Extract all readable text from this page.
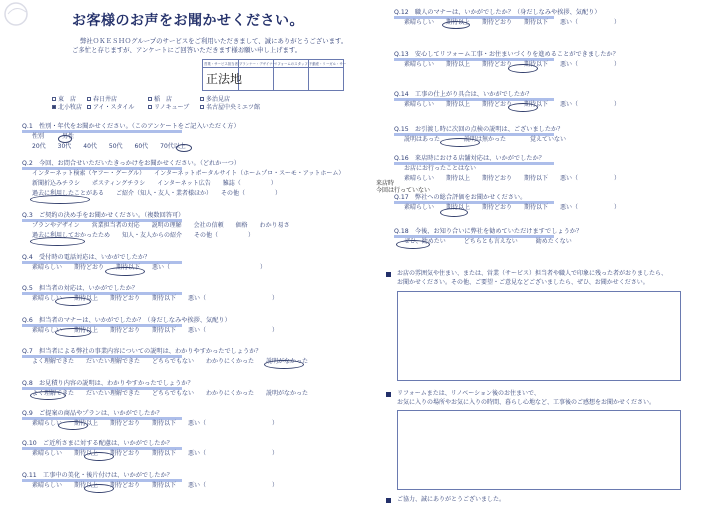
お客様のお声をお聞かせください。
弊社ＯＫＥＳＨＯグループのサービスをご利用いただきまして、誠にありがとうございます。
ご多忙と存じますが、アンケートにご回答いただきます様お願い申し上げます。
営業・サービス担当者 プランナー・デザイナー
リフォームのスタッフ 不動産・リーガル・サー
正法地
東　店	春日井店	稲　店	多治見店
北小牧店	アイ・スタイル	リノキューブ	名古屋中央ミエツ館
Q.1　性別・年代をお聞かせください。（このアンケートをご記入いただく方）
性別　　　男性
20代　　30代　　40代　　50代　　60代　　70代以上
Q.2　今回、お問合せいただいたきっかけをお聞かせください。（どれか一つ）
インターネット検索（ヤフー・グーグル）　　インターネットポータルサイト（ホームプロ・スーモ・アットホーム）
新聞折込みチラシ　　ポスティングチラシ　　インターネット広告　　雑誌（　　　　　）
過去に利用したことがある　　ご紹介（知人・友人・業者様ほか）　　その他（　　　　　）
Q.3　ご契約の決め手をお聞かせください。（複数回答可）
プランやデザイン　　営業担当者の対応　　説明の理解　　会社の信頼　　価格　　わかり易さ
過去に利用しておかったため　　知人・友人からの紹介　　その他（　　　　　）
Q.4　受付時の電話対応は、いかがでしたか？
素晴らしい　　期待どおり　　期待以下　　悪い（　　　　　　　　　　　　　　　）
Q.5　担当者の対応は、いかがでしたか？
素晴らしい　　期待以上　　期待どおり　　期待以下　　悪い（　　　　　　　　　　　）
Q.6　担当者のマナーは、いかがでしたか？（身だしなみや挨拶、気配り）
素晴らしい　　期待以上　　期待どおり　　期待以下　　悪い（　　　　　　　　　　　）
Q.7　担当者による弊社の事業内容についての説明は、わかりやすかったでしょうか？
よく理解できた　　だいたい理解できた　　どちらでもない　　わかりにくかった　　説明がなかった
Q.8　お見積り内容の説明は、わかりやすかったでしょうか？
よく理解できた　　だいたい理解できた　　どちらでもない　　わかりにくかった　　説明がなかった
Q.9　ご提案の商品やプランは、いかがでしたか？
素晴らしい　　期待以上　　期待どおり　　期待以下　　悪い（　　　　　　　　　　　）
Q.10　ご近所さまに対する配慮は、いかがでしたか？
素晴らしい　　期待以上　　期待どおり　　期待以下　　悪い（　　　　　　　　　　　）
Q.11　工事中の美化・後片付けは、いかがでしたか？
素晴らしい　　期待以上　　期待どおり　　期待以下　　悪い（　　　　　　　　　　　）
Q.12　職人のマナーは、いかがでしたか？（身だしなみや挨拶、気配り）
素晴らしい　　期待以上　　期待どおり　　期待以下　　悪い（　　　　　　）
Q.13　安心してリフォーム工事・お住まいづくりを進めることができましたか？
素晴らしい　　期待以上　　期待どおり　　期待以下　　悪い（　　　　　　）
Q.14　工事の仕上がり具合は、いかがでしたか？
素晴らしい　　期待以上　　期待どおり　　期待以下　　悪い（　　　　　　）
Q.15　お引渡し時に次回の点検の説明は、ございましたか？
説明はあった　　　　説明は無かった　　　　覚えていない
Q.16　来店時における店舗対応は、いかがでしたか？
お店にお行ったことはない
素晴らしい　　期待以上　　期待どおり　　期待以下　　悪い（　　　　　　）
Q.17　弊社への総合評価をお聞かせください。
素晴らしい　　期待以上　　期待どおり　　期待以下　　悪い（　　　　　　）
Q.18　今後、お知り合いに弊社を勧めていただけますでしょうか？
ぜひ、勧めたい　　　どちらとも言えない　　　勧めたくない
来店時
今回は行っていない
お店の雰囲気や住まい、または、営業（サービス）担当者や職人で印象に残った者がおりましたら、
お聞かせください。その他、ご要望・ご意見などございましたら、ぜひ、お聞かせください。
リフォームまたは、リノベーション後のお住まいで、
お気に入りの場所やお気に入りの時間、暮らし心地など、工事後のご感想をお聞かせください。
ご協力、誠にありがとうございました。
